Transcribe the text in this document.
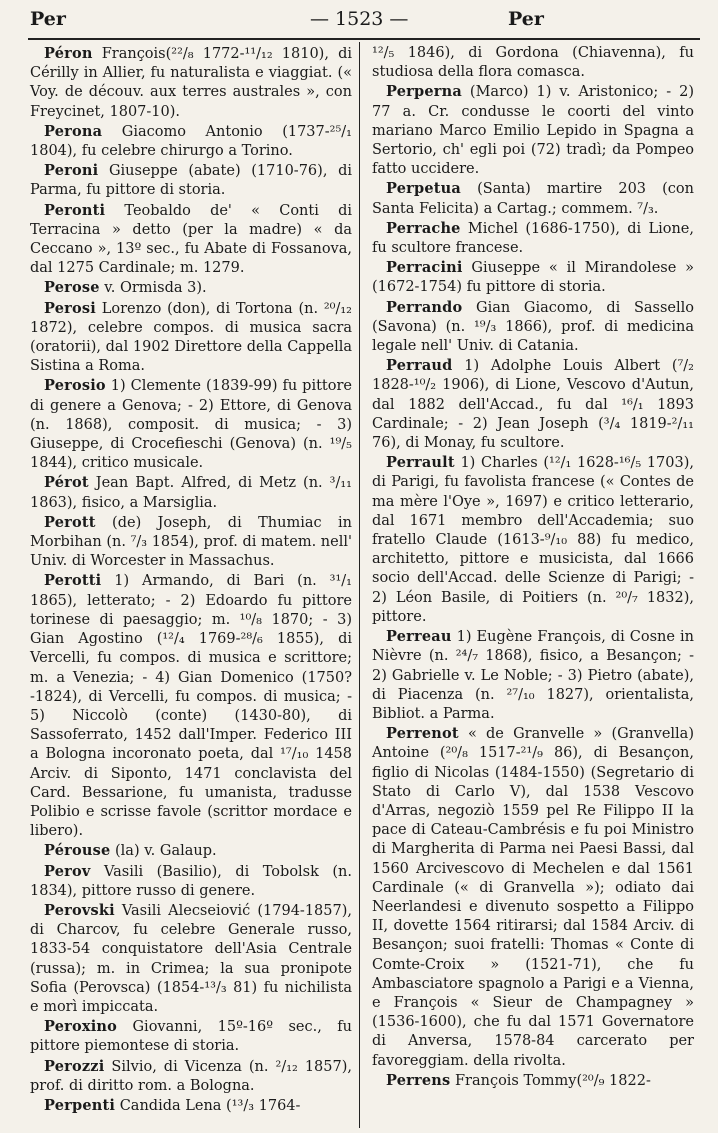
Per	— 1523 —	Per

Péron François(²²/₈ 1772-¹¹/₁₂ 1810), di Cérilly in Allier, fu naturalista e viaggiat. (« Voy. de découv. aux terres australes », con Freycinet, 1807-10).

Perona Giacomo Antonio (1737-²⁵/₁ 1804), fu celebre chirurgo a Torino.

Peroni Giuseppe (abate) (1710-76), di Parma, fu pittore di storia.

Peronti Teobaldo de' « Conti di Terracina » detto (per la madre) « da Ceccano », 13º sec., fu Abate di Fossanova, dal 1275 Cardinale; m. 1279.

Perose v. Ormisda 3).

Perosi Lorenzo (don), di Tortona (n. ²⁰/₁₂ 1872), celebre compos. di musica sacra (oratorii), dal 1902 Direttore della Cappella Sistina a Roma.

Perosio 1) Clemente (1839-99) fu pittore di genere a Genova; - 2) Ettore, di Genova (n. 1868), composit. di musica; - 3) Giuseppe, di Crocefieschi (Genova) (n. ¹⁹/₅ 1844), critico musicale.

Pérot Jean Bapt. Alfred, di Metz (n. ³/₁₁ 1863), fisico, a Marsiglia.

Perott (de) Joseph, di Thumiac in Morbihan (n. ⁷/₃ 1854), prof. di matem. nell' Univ. di Worcester in Massachus.

Perotti 1) Armando, di Bari (n. ³¹/₁ 1865), letterato; - 2) Edoardo fu pittore torinese di paesaggio; m. ¹⁰/₈ 1870; - 3) Gian Agostino (¹²/₄ 1769-²⁸/₆ 1855), di Vercelli, fu compos. di musica e scrittore; m. a Venezia; - 4) Gian Domenico (1750?-1824), di Vercelli, fu compos. di musica; - 5) Niccolò (conte) (1430-80), di Sassoferrato, 1452 dall'Imper. Federico III a Bologna incoronato poeta, dal ¹⁷/₁₀ 1458 Arciv. di Siponto, 1471 conclavista del Card. Bessarione, fu umanista, tradusse Polibio e scrisse favole (scrittor mordace e libero).

Pérouse (la) v. Galaup.

Perov Vasili (Basilio), di Tobolsk (n. 1834), pittore russo di genere.

Perovski Vasili Alecseiović (1794-1857), di Charcov, fu celebre Generale russo, 1833-54 conquistatore dell'Asia Centrale (russa); m. in Crimea; la sua pronipote Sofia (Perovsca) (1854-¹³/₃ 81) fu nichilista e morì impiccata.

Peroxino Giovanni, 15º-16º sec., fu pittore piemontese di storia.

Perozzi Silvio, di Vicenza (n. ²/₁₂ 1857), prof. di diritto rom. a Bologna.

Perpenti Candida Lena (¹³/₃ 1764-

¹²/₅ 1846), di Gordona (Chiavenna), fu studiosa della flora comasca.

Perperna (Marco) 1) v. Aristonico; - 2) 77 a. Cr. condusse le coorti del vinto mariano Marco Emilio Lepido in Spagna a Sertorio, ch' egli poi (72) tradì; da Pompeo fatto uccidere.

Perpetua (Santa) martire 203 (con Santa Felicita) a Cartag.; commem. ⁷/₃.

Perrache Michel (1686-1750), di Lione, fu scultore francese.

Perracini Giuseppe « il Mirandolese » (1672-1754) fu pittore di storia.

Perrando Gian Giacomo, di Sassello (Savona) (n. ¹⁹/₃ 1866), prof. di medicina legale nell' Univ. di Catania.

Perraud 1) Adolphe Louis Albert (⁷/₂ 1828-¹⁰/₂ 1906), di Lione, Vescovo d'Autun, dal 1882 dell'Accad., fu dal ¹⁶/₁ 1893 Cardinale; - 2) Jean Joseph (³/₄ 1819-²/₁₁ 76), di Monay, fu scultore.

Perrault 1) Charles (¹²/₁ 1628-¹⁶/₅ 1703), di Parigi, fu favolista francese (« Contes de ma mère l'Oye », 1697) e critico letterario, dal 1671 membro dell'Accademia; suo fratello Claude (1613-⁹/₁₀ 88) fu medico, architetto, pittore e musicista, dal 1666 socio dell'Accad. delle Scienze di Parigi; - 2) Léon Basile, di Poitiers (n. ²⁰/₇ 1832), pittore.

Perreau 1) Eugène François, di Cosne in Nièvre (n. ²⁴/₇ 1868), fisico, a Besançon; - 2) Gabrielle v. Le Noble; - 3) Pietro (abate), di Piacenza (n. ²⁷/₁₀ 1827), orientalista, Bibliot. a Parma.

Perrenot « de Granvelle » (Granvella) Antoine (²⁰/₈ 1517-²¹/₉ 86), di Besançon, figlio di Nicolas (1484-1550) (Segretario di Stato di Carlo V), dal 1538 Vescovo d'Arras, negoziò 1559 pel Re Filippo II la pace di Cateau-Cambrésis e fu poi Ministro di Margherita di Parma nei Paesi Bassi, dal 1560 Arcivescovo di Mechelen e dal 1561 Cardinale (« di Granvella »); odiato dai Neerlandesi e divenuto sospetto a Filippo II, dovette 1564 ritirarsi; dal 1584 Arciv. di Besançon; suoi fratelli: Thomas « Conte di Comte-Croix » (1521-71), che fu Ambasciatore spagnolo a Parigi e a Vienna, e François « Sieur de Champagney » (1536-1600), che fu dal 1571 Governatore di Anversa, 1578-84 carcerato per favoreggiam. della rivolta.

Perrens François Tommy(²⁰/₉ 1822-
